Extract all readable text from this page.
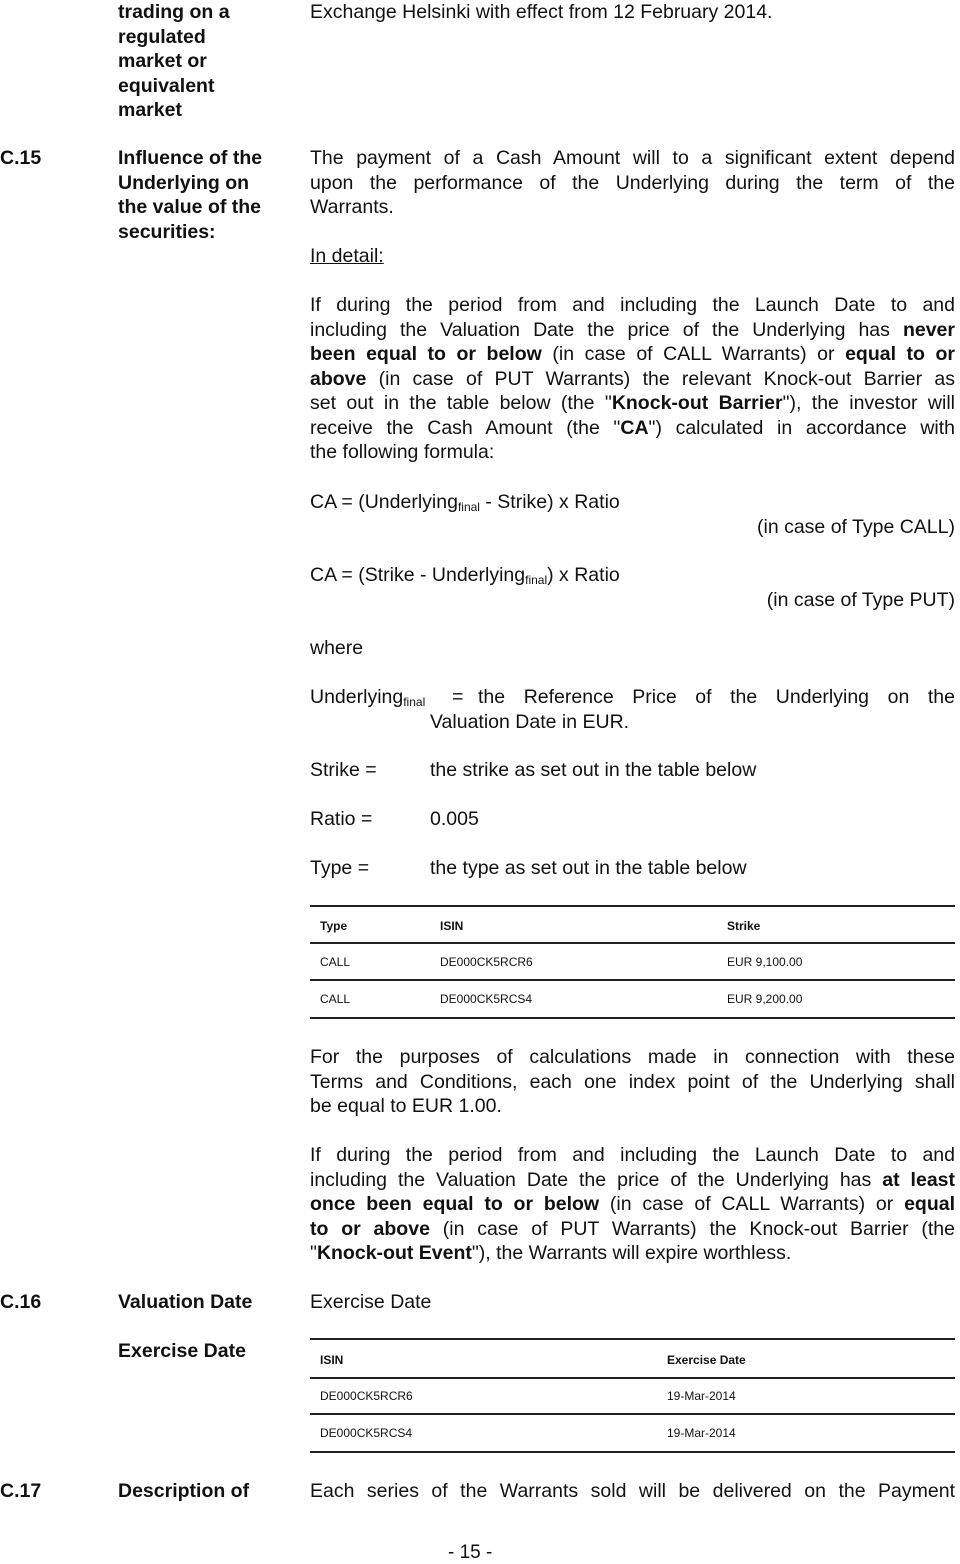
trading on a
regulated
market or
equivalent
market
Exchange Helsinki with effect from 12 February 2014.
C.15	Influence of the
Underlying on
the value of the
securities:
The payment of a Cash Amount will to a significant extent depend
upon the performance of the Underlying during the term of the
Warrants.
In detail:
If during the period from and including the Launch Date to and
including the Valuation Date the price of the Underlying has never
been equal to or below (in case of CALL Warrants) or equal to or
above (in case of PUT Warrants) the relevant Knock-out Barrier as
set out in the table below (the "Knock-out Barrier"), the investor will
receive the Cash Amount (the "CA") calculated in accordance with
the following formula:
CA = (Underlying$_{final}$ - Strike) x Ratio
(in case of Type CALL)
CA = (Strike - Underlying$_{final}$) x Ratio
(in case of Type PUT)
where
Underlying$_{final}$ = the Reference Price of the Underlying on the
Valuation Date in EUR.
Strike =	the strike as set out in the table below
Ratio =	0.005
Type =	the type as set out in the table below
Type	ISIN	Strike
CALL	DE000CK5RCR6	EUR 9,100.00
CALL	DE000CK5RCS4	EUR 9,200.00
For the purposes of calculations made in connection with these
Terms and Conditions, each one index point of the Underlying shall
be equal to EUR 1.00.
If during the period from and including the Launch Date to and
including the Valuation Date the price of the Underlying has at least
once been equal to or below (in case of CALL Warrants) or equal
to or above (in case of PUT Warrants) the Knock-out Barrier (the
"Knock-out Event"), the Warrants will expire worthless.
C.16	Valuation Date	Exercise Date
Exercise Date	ISIN	Exercise Date
DE000CK5RCR6	19-Mar-2014
DE000CK5RCS4	19-Mar-2014
C.17	Description of	Each series of the Warrants sold will be delivered on the Payment
- 15 -
